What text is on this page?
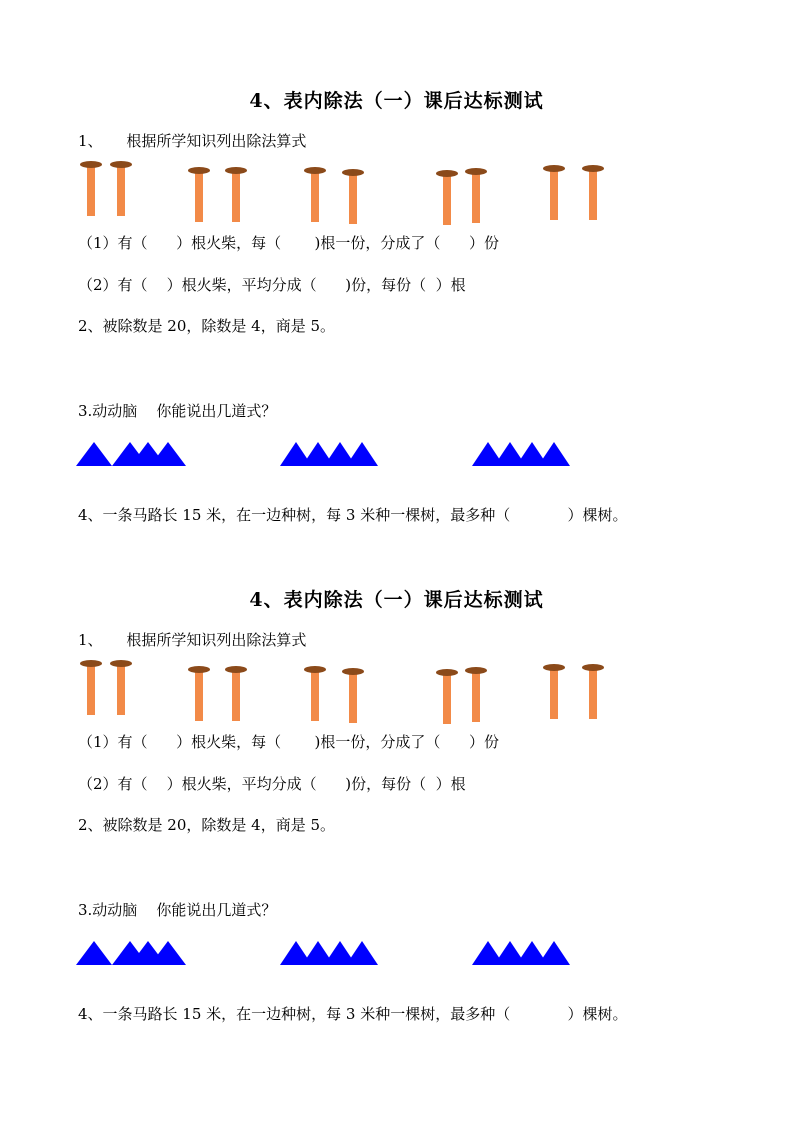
4、表内除法（一）课后达标测试
1、     根据所学知识列出除法算式
（1）有（      ）根火柴，每（       )根一份，分成了（      ）份
（2）有（    ）根火柴，平均分成（      )份，每份（  ）根
2、被除数是 20，除数是 4，商是 5。
3.动动脑    你能说出几道式？
4、一条马路长 15 米，在一边种树，每 3 米种一棵树，最多种（            ）棵树。
4、表内除法（一）课后达标测试
1、     根据所学知识列出除法算式
（1）有（      ）根火柴，每（       )根一份，分成了（      ）份
（2）有（    ）根火柴，平均分成（      )份，每份（  ）根
2、被除数是 20，除数是 4，商是 5。
3.动动脑    你能说出几道式？
4、一条马路长 15 米，在一边种树，每 3 米种一棵树，最多种（            ）棵树。
